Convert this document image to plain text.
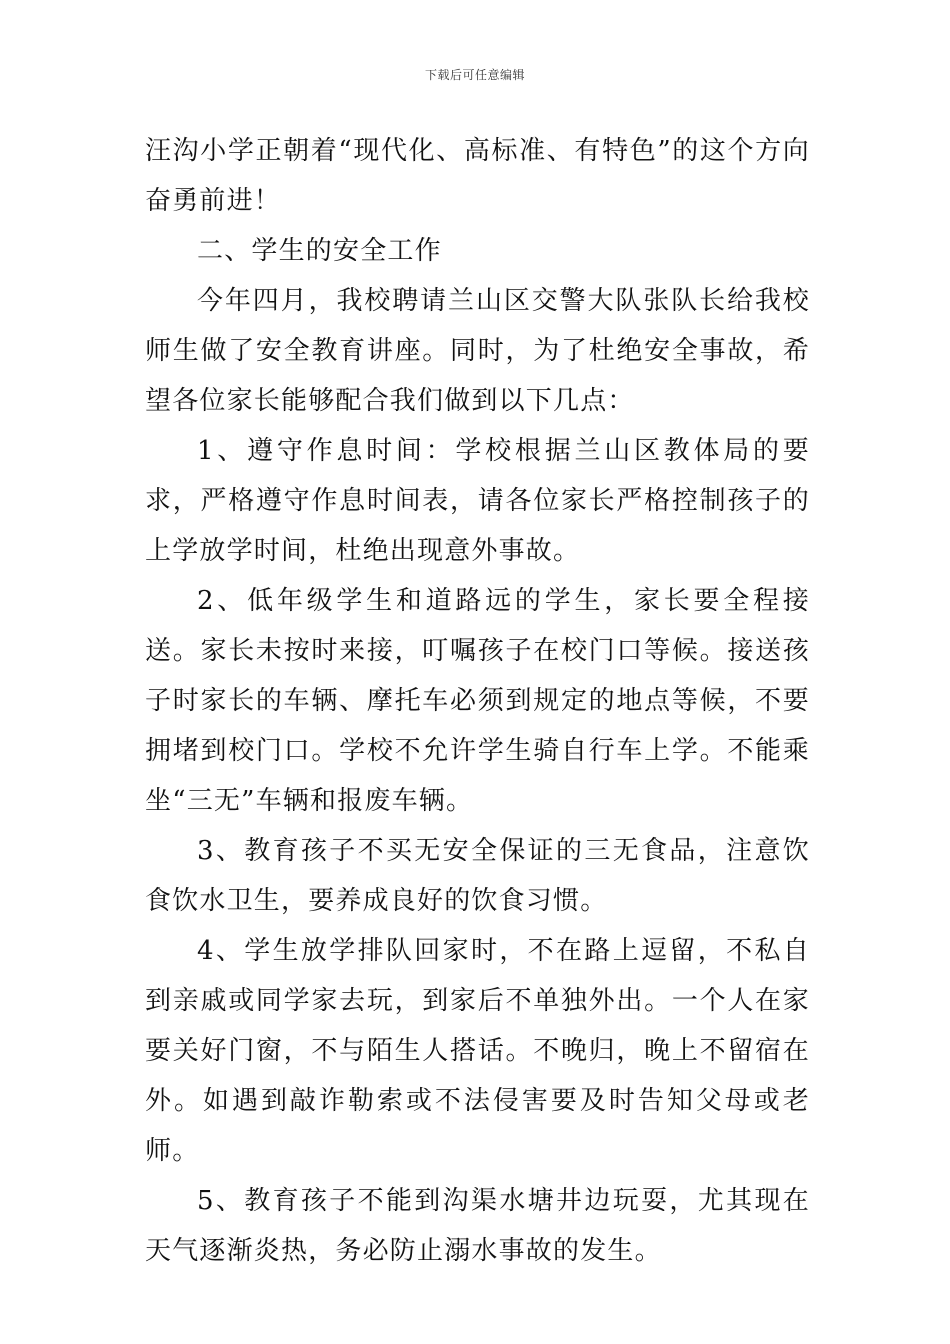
下载后可任意编辑

汪沟小学正朝着“现代化、高标准、有特色”的这个方向奋勇前进！

二、学生的安全工作

今年四月，我校聘请兰山区交警大队张队长给我校师生做了安全教育讲座。同时，为了杜绝安全事故，希望各位家长能够配合我们做到以下几点：

1、遵守作息时间：学校根据兰山区教体局的要求，严格遵守作息时间表，请各位家长严格控制孩子的上学放学时间，杜绝出现意外事故。

2、低年级学生和道路远的学生，家长要全程接送。家长未按时来接，叮嘱孩子在校门口等候。接送孩子时家长的车辆、摩托车必须到规定的地点等候，不要拥堵到校门口。学校不允许学生骑自行车上学。不能乘坐“三无”车辆和报废车辆。

3、教育孩子不买无安全保证的三无食品，注意饮食饮水卫生，要养成良好的饮食习惯。

4、学生放学排队回家时，不在路上逗留，不私自到亲戚或同学家去玩，到家后不单独外出。一个人在家要关好门窗，不与陌生人搭话。不晚归，晚上不留宿在外。如遇到敲诈勒索或不法侵害要及时告知父母或老师。

5、教育孩子不能到沟渠水塘井边玩耍，尤其现在天气逐渐炎热，务必防止溺水事故的发生。
